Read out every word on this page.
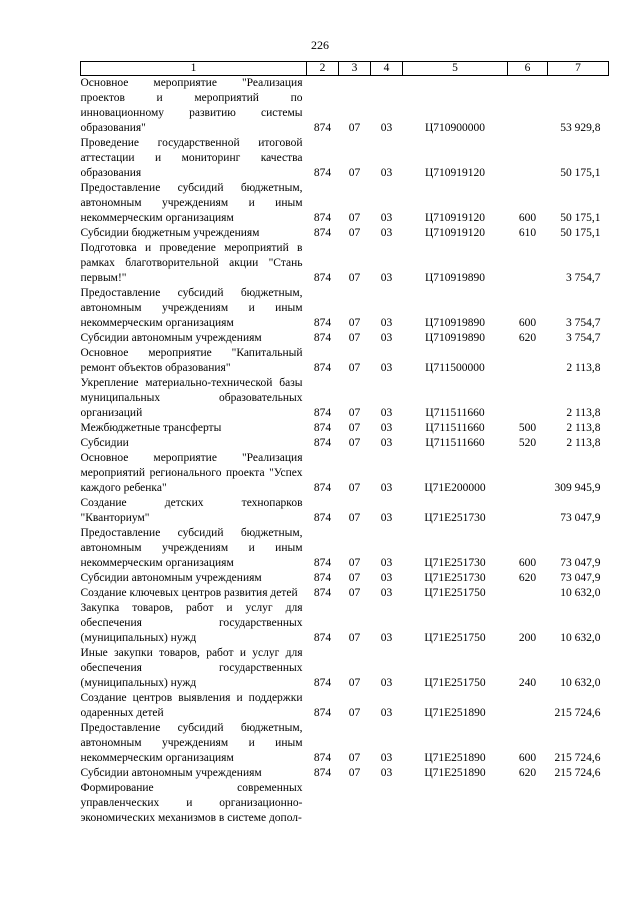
226
1	2	3	4	5	6	7
Основное мероприятие "Реализация проектов и мероприятий по инновационному развитию системы образования"	874	07	03	Ц710900000		53 929,8
Проведение государственной итоговой аттестации и мониторинг качества образования	874	07	03	Ц710919120		50 175,1
Предоставление субсидий бюджетным, автономным учреждениям и иным некоммерческим организациям	874	07	03	Ц710919120	600	50 175,1
Субсидии бюджетным учреждениям	874	07	03	Ц710919120	610	50 175,1
Подготовка и проведение мероприятий в рамках благотворительной акции "Стань первым!"	874	07	03	Ц710919890		3 754,7
Предоставление субсидий бюджетным, автономным учреждениям и иным некоммерческим организациям	874	07	03	Ц710919890	600	3 754,7
Субсидии автономным учреждениям	874	07	03	Ц710919890	620	3 754,7
Основное мероприятие "Капитальный ремонт объектов образования"	874	07	03	Ц711500000		2 113,8
Укрепление материально-технической базы муниципальных образовательных организаций	874	07	03	Ц711511660		2 113,8
Межбюджетные трансферты	874	07	03	Ц711511660	500	2 113,8
Субсидии	874	07	03	Ц711511660	520	2 113,8
Основное мероприятие "Реализация мероприятий регионального проекта "Успех каждого ребенка"	874	07	03	Ц71Е200000		309 945,9
Создание детских технопарков "Кванториум"	874	07	03	Ц71Е251730		73 047,9
Предоставление субсидий бюджетным, автономным учреждениям и иным некоммерческим организациям	874	07	03	Ц71Е251730	600	73 047,9
Субсидии автономным учреждениям	874	07	03	Ц71Е251730	620	73 047,9
Создание ключевых центров развития детей	874	07	03	Ц71Е251750		10 632,0
Закупка товаров, работ и услуг для обеспечения государственных (муниципальных) нужд	874	07	03	Ц71Е251750	200	10 632,0
Иные закупки товаров, работ и услуг для обеспечения государственных (муниципальных) нужд	874	07	03	Ц71Е251750	240	10 632,0
Создание центров выявления и поддержки одаренных детей	874	07	03	Ц71Е251890		215 724,6
Предоставление субсидий бюджетным, автономным учреждениям и иным некоммерческим организациям	874	07	03	Ц71Е251890	600	215 724,6
Субсидии автономным учреждениям	874	07	03	Ц71Е251890	620	215 724,6
Формирование современных управленческих и организационно-экономических механизмов в системе допол-						
